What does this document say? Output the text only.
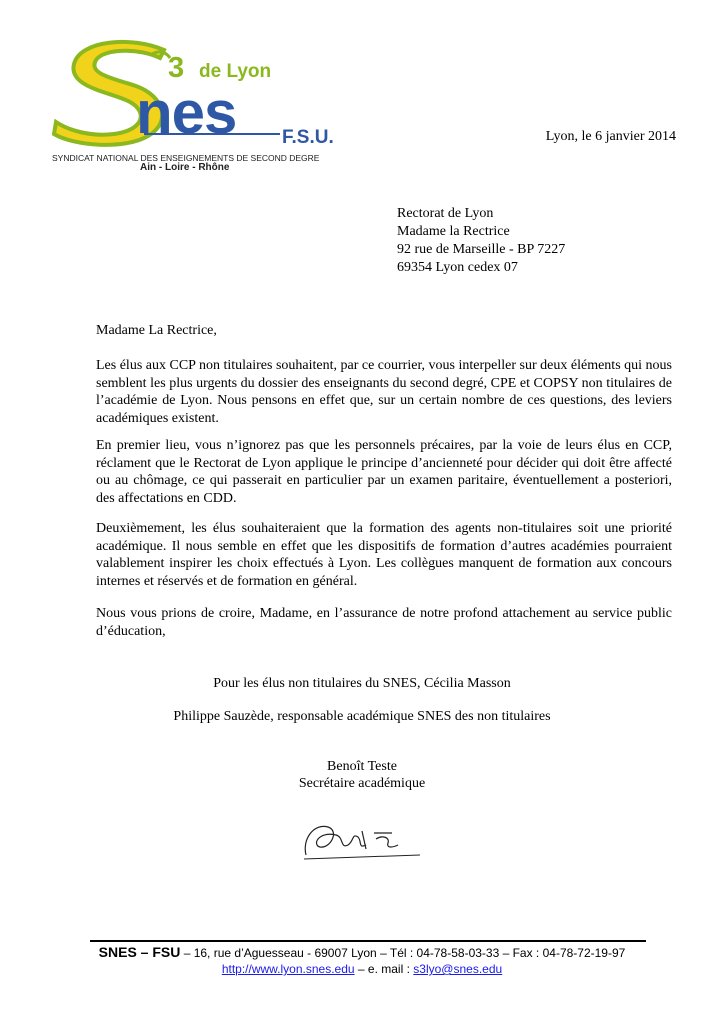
3 de Lyon
nes F.S.U.
SYNDICAT NATIONAL DES ENSEIGNEMENTS DE SECOND DEGRE
Ain - Loire - Rhône
Lyon, le 6 janvier 2014
Rectorat de Lyon
Madame la Rectrice
92 rue de Marseille - BP 7227
69354 Lyon cedex 07
Madame La Rectrice,
Les élus aux CCP non titulaires souhaitent, par ce courrier, vous interpeller sur deux éléments qui nous semblent les plus urgents du dossier des enseignants du second degré, CPE et COPSY non titulaires de l’académie de Lyon. Nous pensons en effet que, sur un certain nombre de ces questions, des leviers académiques existent.
En premier lieu, vous n’ignorez pas que les personnels précaires, par la voie de leurs élus en CCP, réclament que le Rectorat de Lyon applique le principe d’ancienneté pour décider qui doit être affecté ou au chômage, ce qui passerait en particulier par un examen paritaire, éventuellement a posteriori, des affectations en CDD.
Deuxièmement, les élus souhaiteraient que la formation des agents non-titulaires soit une priorité académique. Il nous semble en effet que les dispositifs de formation d’autres académies pourraient valablement inspirer les choix effectués à Lyon. Les collègues manquent de formation aux concours internes et réservés et de formation en général.
Nous vous prions de croire, Madame, en l’assurance de notre profond attachement au service public d’éducation,
Pour les élus non titulaires du SNES, Cécilia Masson
Philippe Sauzède, responsable académique SNES des non titulaires
Benoît Teste
Secrétaire académique
SNES – FSU – 16, rue d’Aguesseau - 69007 Lyon – Tél : 04-78-58-03-33 – Fax : 04-78-72-19-97
http://www.lyon.snes.edu – e. mail : s3lyo@snes.edu
